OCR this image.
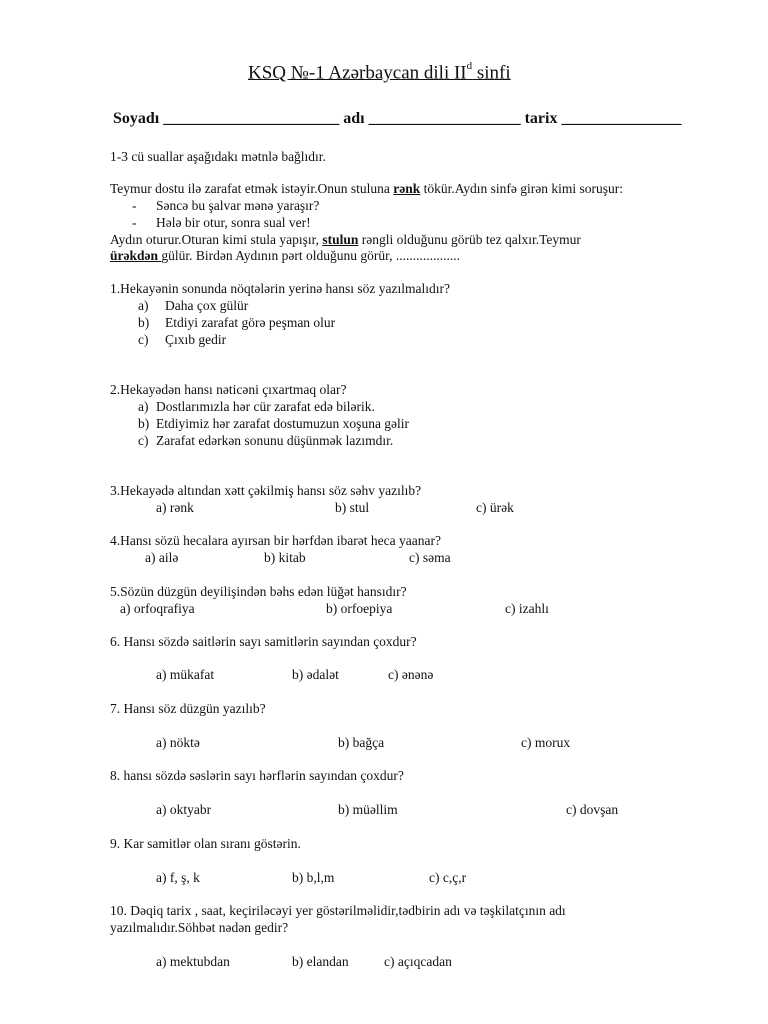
KSQ №-1 Azərbaycan dili $II^d$ sinfi
Soyadı ______________________ adı ___________________ tarix _______________
1-3 cü suallar aşağıdakı mətnlə bağlıdır.
Teymur dostu ilə zarafat etmək istəyir.Onun stuluna rənk tökür.Aydın sinfə girən kimi soruşur:
- Səncə bu şalvar mənə yaraşır?
- Hələ bir otur, sonra sual ver!
Aydın oturur.Oturan kimi stula yapışır, stulun rəngli olduğunu görüb tez qalxır.Teymur
ürəkdən gülür. Birdən Aydının pərt olduğunu görür, ...................
1.Hekayənin sonunda nöqtələrin yerinə hansı söz yazılmalıdır?
a) Daha çox gülür
b) Etdiyi zarafat görə peşman olur
c) Çıxıb gedir
2.Hekayədən hansı nəticəni çıxartmaq olar?
a) Dostlarımızla hər cür zarafat edə bilərik.
b) Etdiyimiz hər zarafat dostumuzun xoşuna gəlir
c) Zarafat edərkən sonunu düşünmək lazımdır.
3.Hekayədə altından xətt çəkilmiş hansı söz səhv yazılıb?
a) rənk	b) stul	c) ürək
4.Hansı sözü hecalara ayırsan bir hərfdən ibarət heca yaanar?
a) ailə	b) kitab	c) səma
5.Sözün düzgün deyilişindən bəhs edən lüğət hansıdır?
a) orfoqrafiya	b) orfoepiya	c) izahlı
6. Hansı sözdə saitlərin sayı samitlərin sayından çoxdur?
a) mükafat	b) ədalət	c) ənənə
7. Hansı söz düzgün yazılıb?
a) nöktə	b) bağça	c) morux
8. hansı sözdə səslərin sayı hərflərin sayından çoxdur?
a) oktyabr	b) müəllim	c) dovşan
9. Kar samitlər olan sıranı göstərin.
a) f, ş, k	b) b,l,m	c) c,ç,r
10. Dəqiq tarix , saat, keçiriləcəyi yer göstərilməlidir,tədbirin adı və təşkilatçının adı
yazılmalıdır.Söhbət nədən gedir?
a) mektubdan	b) elandan	c) açıqcadan
